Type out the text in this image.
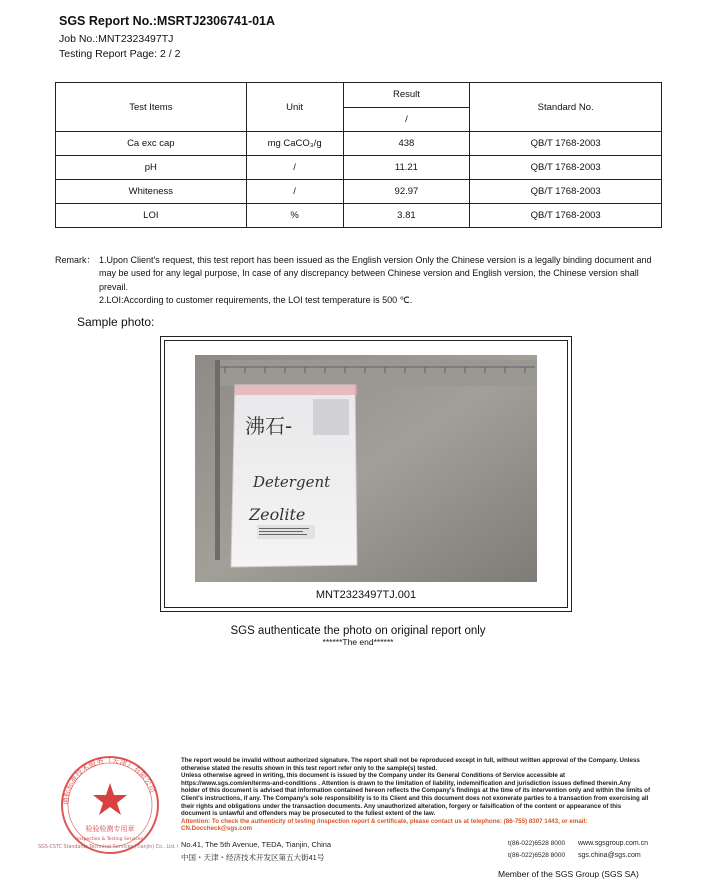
SGS Report No.:MSRTJ2306741-01A
Job No.:MNT2323497TJ
Testing Report Page: 2 / 2
Test Items	Unit	Result	Standard No.
		/	
Ca exc cap	mg CaCO₃/g	438	QB/T 1768-2003
pH	/	11.21	QB/T 1768-2003
Whiteness	/	92.97	QB/T 1768-2003
LOI	%	3.81	QB/T 1768-2003
Remark： 1.Upon Client's request, this test report has been issued as the English version Only the Chinese version is a legally binding document and may be used for any legal purpose, In case of any discrepancy between Chinese version and English version, the Chinese version shall prevail.
2.LOI:According to customer requirements, the LOI test temperature is 500 ℃.
Sample photo:
沸石-
Detergent
Zeolite
MNT2323497TJ.001
SGS authenticate the photo on original report only
******The end******
检验检测专用章
Inspection & Testing Services
通标标准技术服务（天津）有限公司
SGS-CSTC Standards Technical Services (Tianjin) Co., Ltd.
The report would be invalid without authorized signature. The report shall not be reproduced except in full, without written approval of the Company. Unless otherwise stated the results shown in this test report refer only to the sample(s) tested.
Unless otherwise agreed in writing, this document is issued by the Company under its General Conditions of Service accessible at https://www.sgs.com/en/terms-and-conditions . Attention is drawn to the limitation of liability, indemnification and jurisdiction issues defined therein.Any holder of this document is advised that information contained hereon reflects the Company's findings at the time of its intervention only and within the limits of Client's instructions, if any. The Company's sole responsibility is to its Client and this document does not exonerate parties to a transaction from exercising all their rights and obligations under the transaction documents. Any unauthorized alteration, forgery or falsification of the content or appearance of this document is unlawful and offenders may be prosecuted to the fullest extent of the law.
Attention: To check the authenticity of testing /inspection report & certificate, please contact us at telephone: (86-755) 8307 1443, or email: CN.Doccheck@sgs.com
No.41, The 5th Avenue, TEDA, Tianjin, China
中国・天津・经济技术开发区第五大街41号
t(86-022)6528 8000
t(86-022)6528 8000
www.sgsgroup.com.cn
sgs.china@sgs.com
Member of the SGS Group (SGS SA)
